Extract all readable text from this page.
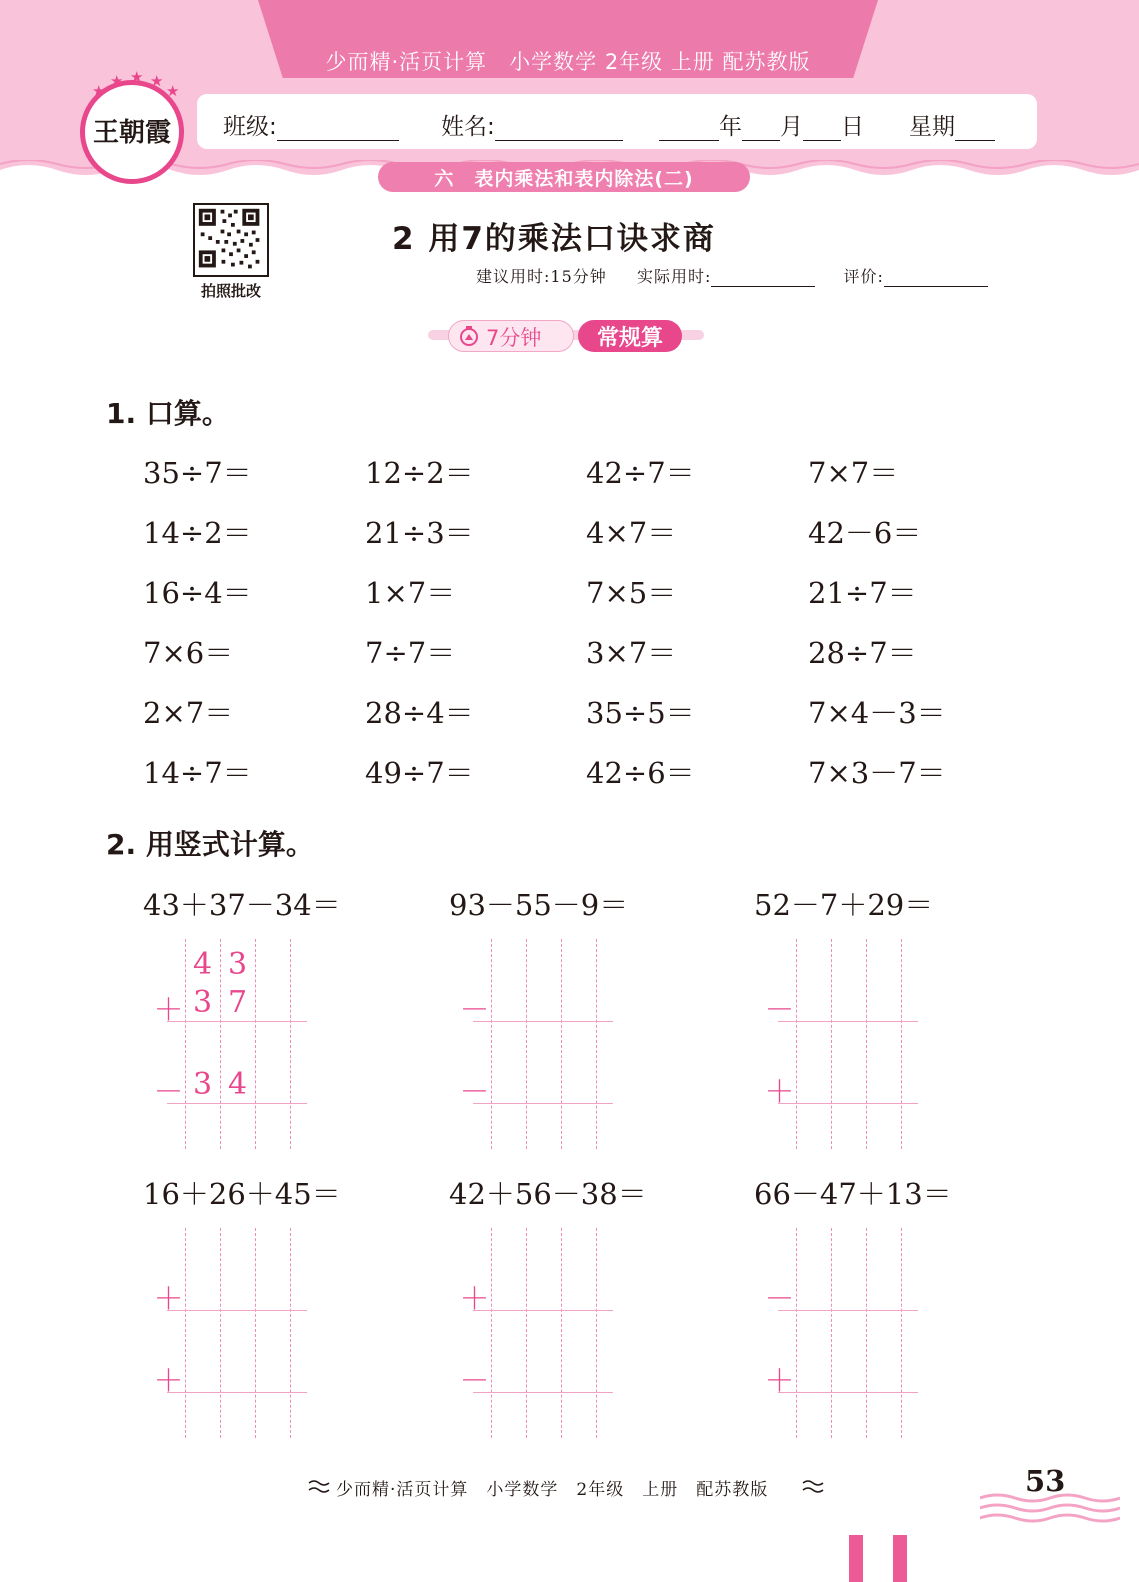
少而精·活页计算　小学数学 2年级 上册 配苏教版
班级:	姓名:	年 月 日 星期
★
★ ★ ★
★
王朝霞
六　表内乘法和表内除法(二)
拍照批改
2 用7的乘法口诀求商
建议用时:15分钟 实际用时:	评价:
7分钟	常规算
1. 口算。
35÷7＝	12÷2＝	42÷7＝	7×7＝
14÷2＝	21÷3＝	4×7＝	42－6＝
16÷4＝	1×7＝	7×5＝	21÷7＝
7×6＝	7÷7＝	3×7＝	28÷7＝
2×7＝	28÷4＝	35÷5＝	7×4－3＝
14÷7＝	49÷7＝	42÷6＝	7×3－7＝
2. 用竖式计算。
43＋37－34＝
4 3
＋ 3 7
－ 3 4
93－55－9＝
－
－
52－7＋29＝
－
＋
16＋26＋45＝
＋
＋
42＋56－38＝
＋
－
66－47＋13＝
－
＋
少而精·活页计算　小学数学　2年级　上册　配苏教版	53
